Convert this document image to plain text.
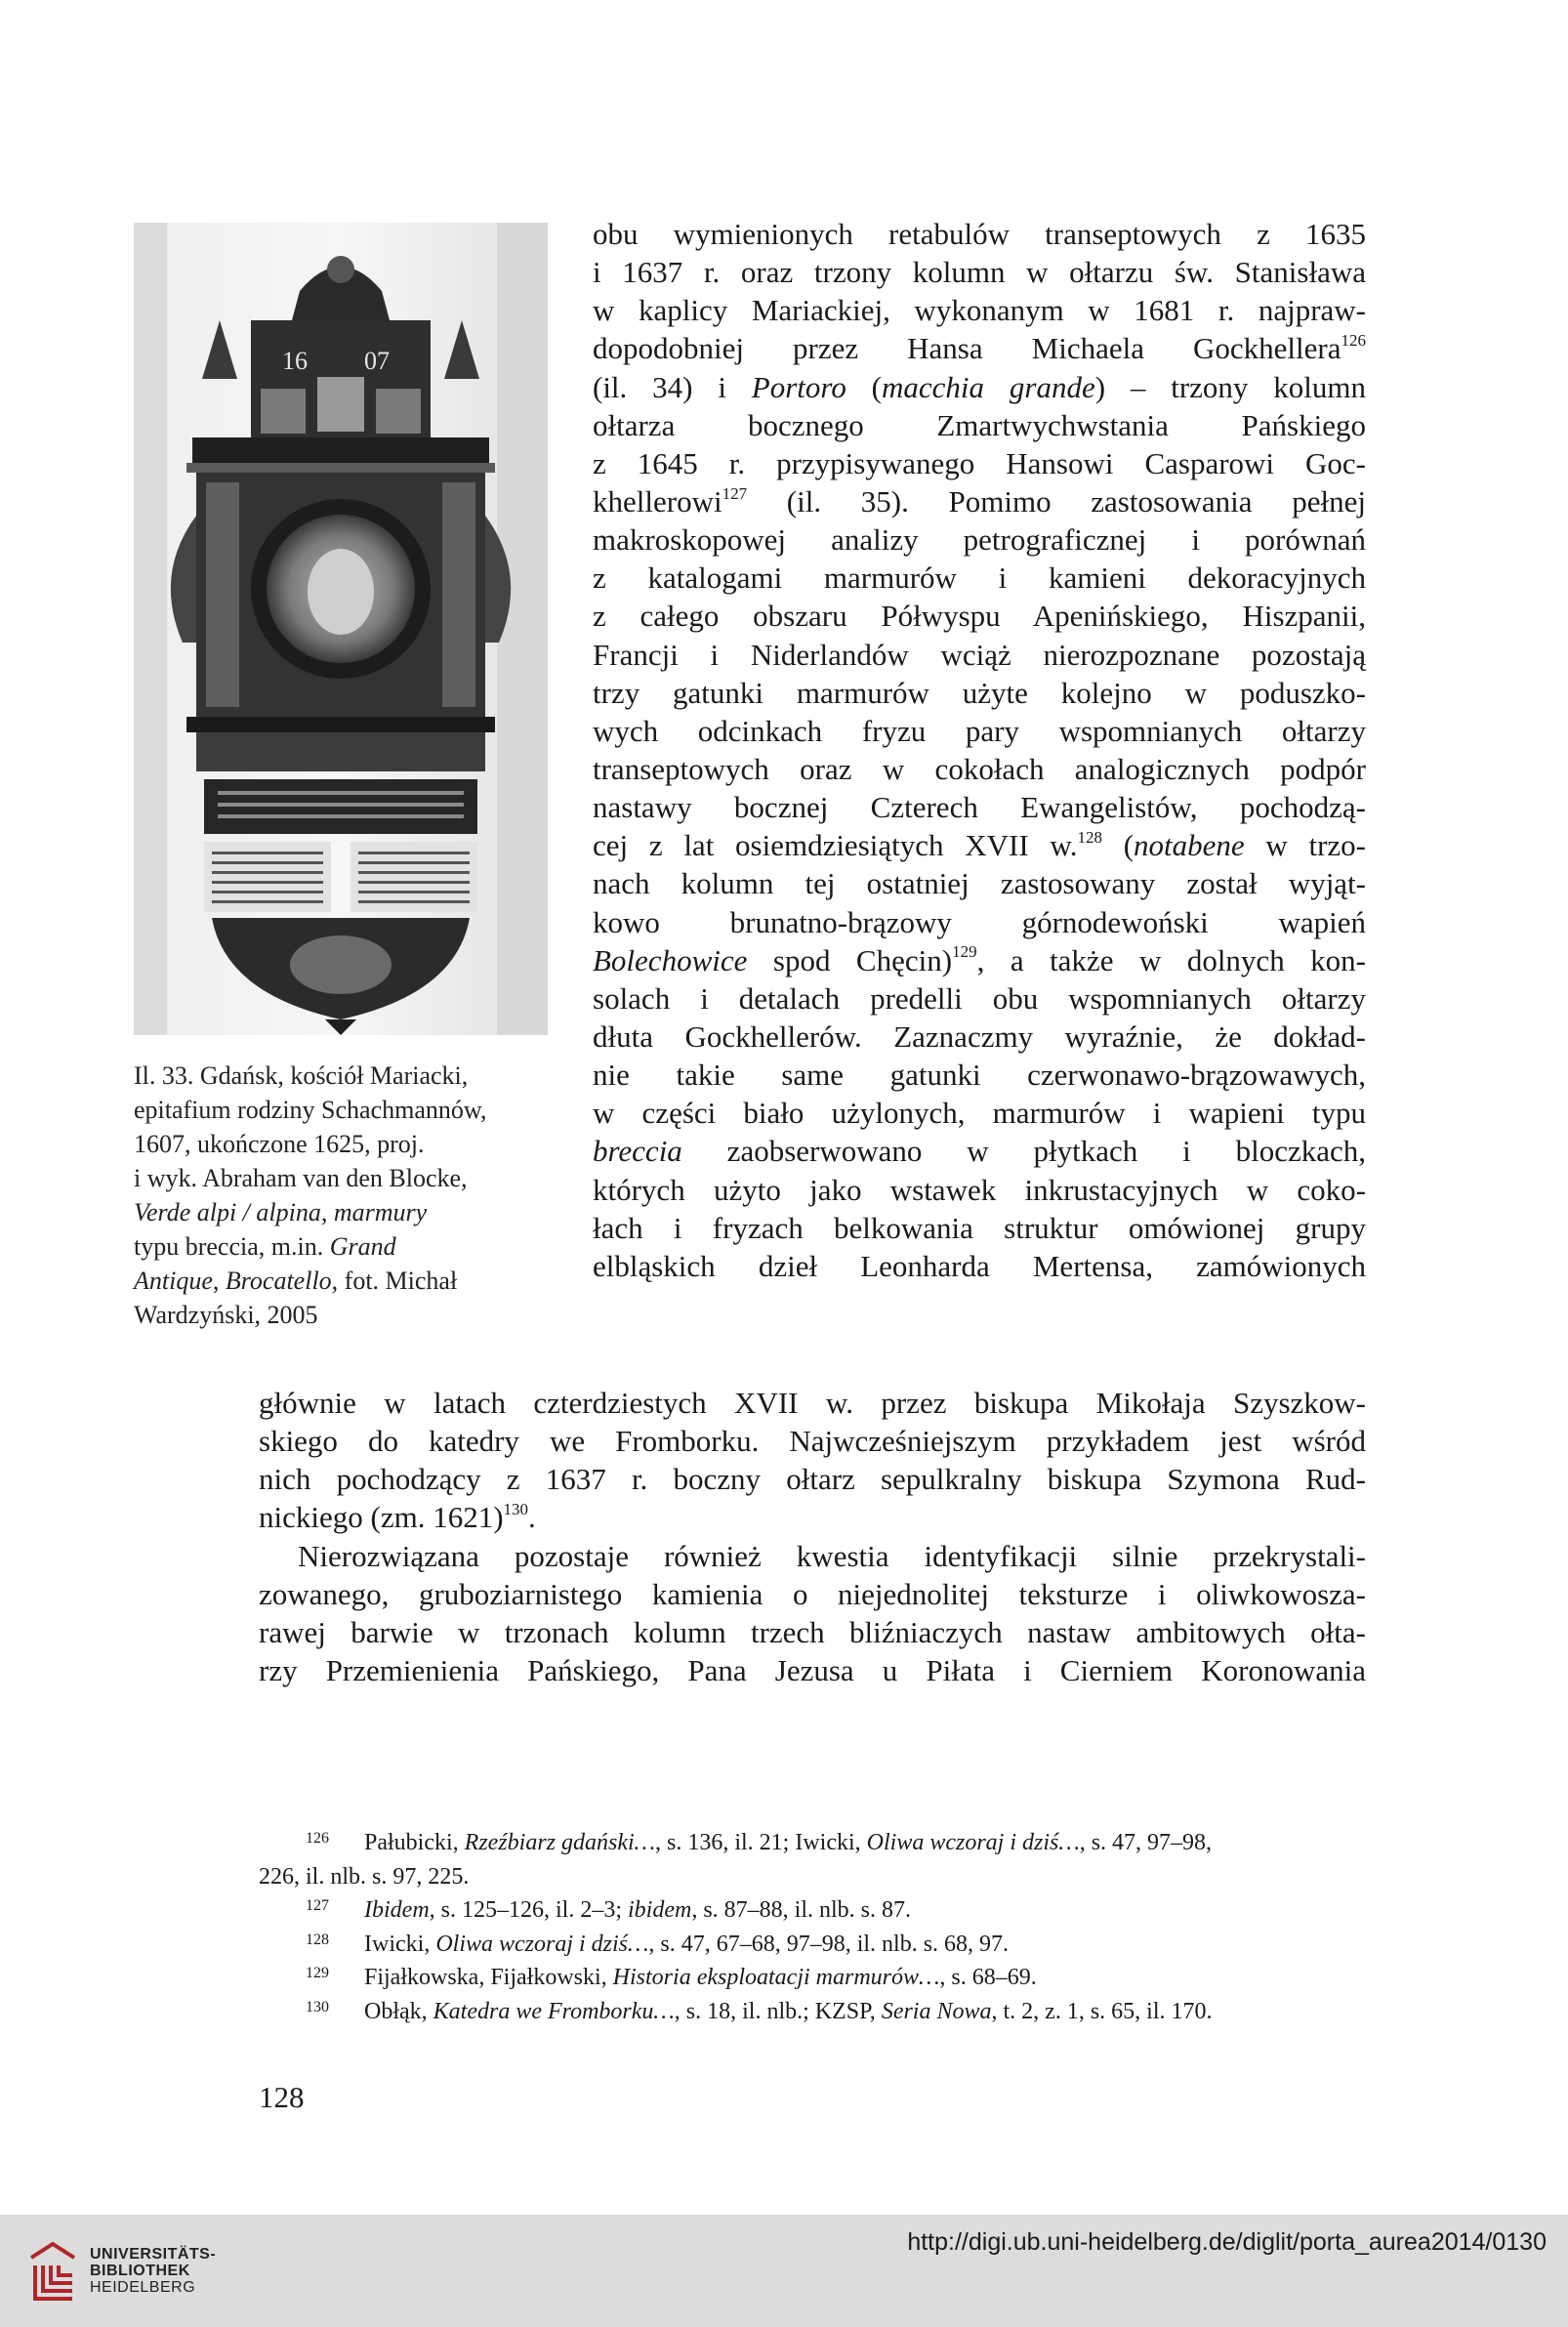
16 07

Il. 33. Gdańsk, kościół Mariacki,

epitafium rodziny Schachmannów,

1607, ukończone 1625, proj.

i wyk. Abraham van den Blocke,

Verde alpi / alpina, marmury

typu breccia, m.in. Grand

Antique, Brocatello, fot. Michał

Wardzyński, 2005

obu wymienionych retabulów transeptowych z 1635
i 1637 r. oraz trzony kolumn w ołtarzu św. Stanisława
w kaplicy Mariackiej, wykonanym w 1681 r. najpraw-
dopodobniej przez Hansa Michaela Gockhellera$^{126}$
(il. 34) i Portoro (macchia grande) – trzony kolumn
ołtarza bocznego Zmartwychwstania Pańskiego
z 1645 r. przypisywanego Hansowi Casparowi Goc-
khellerowi$^{127}$ (il. 35). Pomimo zastosowania pełnej
makroskopowej analizy petrograficznej i porównań
z katalogami marmurów i kamieni dekoracyjnych
z całego obszaru Półwyspu Apenińskiego, Hiszpanii,
Francji i Niderlandów wciąż nierozpoznane pozostają
trzy gatunki marmurów użyte kolejno w poduszko-
wych odcinkach fryzu pary wspomnianych ołtarzy
transeptowych oraz w cokołach analogicznych podpór
nastawy bocznej Czterech Ewangelistów, pochodzą-
cej z lat osiemdziesiątych XVII w.$^{128}$ (notabene w trzo-
nach kolumn tej ostatniej zastosowany został wyjąt-
kowo brunatno-brązowy górnodewoński wapień
Bolechowice spod Chęcin)$^{129}$, a także w dolnych kon-
solach i detalach predelli obu wspomnianych ołtarzy
dłuta Gockhellerów. Zaznaczmy wyraźnie, że dokład-
nie takie same gatunki czerwonawo-brązowawych,
w części biało użylonych, marmurów i wapieni typu
breccia zaobserwowano w płytkach i bloczkach,
których użyto jako wstawek inkrustacyjnych w coko-
łach i fryzach belkowania struktur omówionej grupy
elbląskich dzieł Leonharda Mertensa, zamówionych
głównie w latach czterdziestych XVII w. przez biskupa Mikołaja Szyszkow-
skiego do katedry we Fromborku. Najwcześniejszym przykładem jest wśród
nich pochodzący z 1637 r. boczny ołtarz sepulkralny biskupa Szymona Rud-
nickiego (zm. 1621)$^{130}$.
Nierozwiązana pozostaje również kwestia identyfikacji silnie przekrystali-
zowanego, gruboziarnistego kamienia o niejednolitej teksturze i oliwkowosza-
rawej barwie w trzonach kolumn trzech bliźniaczych nastaw ambitowych ołta-
rzy Przemienienia Pańskiego, Pana Jezusa u Piłata i Cierniem Koronowania
126 Pałubicki, Rzeźbiarz gdański…, s. 136, il. 21; Iwicki, Oliwa wczoraj i dziś…, s. 47, 97–98,
226, il. nlb. s. 97, 225.
127 Ibidem, s. 125–126, il. 2–3; ibidem, s. 87–88, il. nlb. s. 87.
128 Iwicki, Oliwa wczoraj i dziś…, s. 47, 67–68, 97–98, il. nlb. s. 68, 97.
129 Fijałkowska, Fijałkowski, Historia eksploatacji marmurów…, s. 68–69.
130 Obłąk, Katedra we Fromborku…, s. 18, il. nlb.; KZSP, Seria Nowa, t. 2, z. 1, s. 65, il. 170.
128
UNIVERSITÄTS-
BIBLIOTHEK
HEIDELBERG
http://digi.ub.uni-heidelberg.de/diglit/porta_aurea2014/0130
